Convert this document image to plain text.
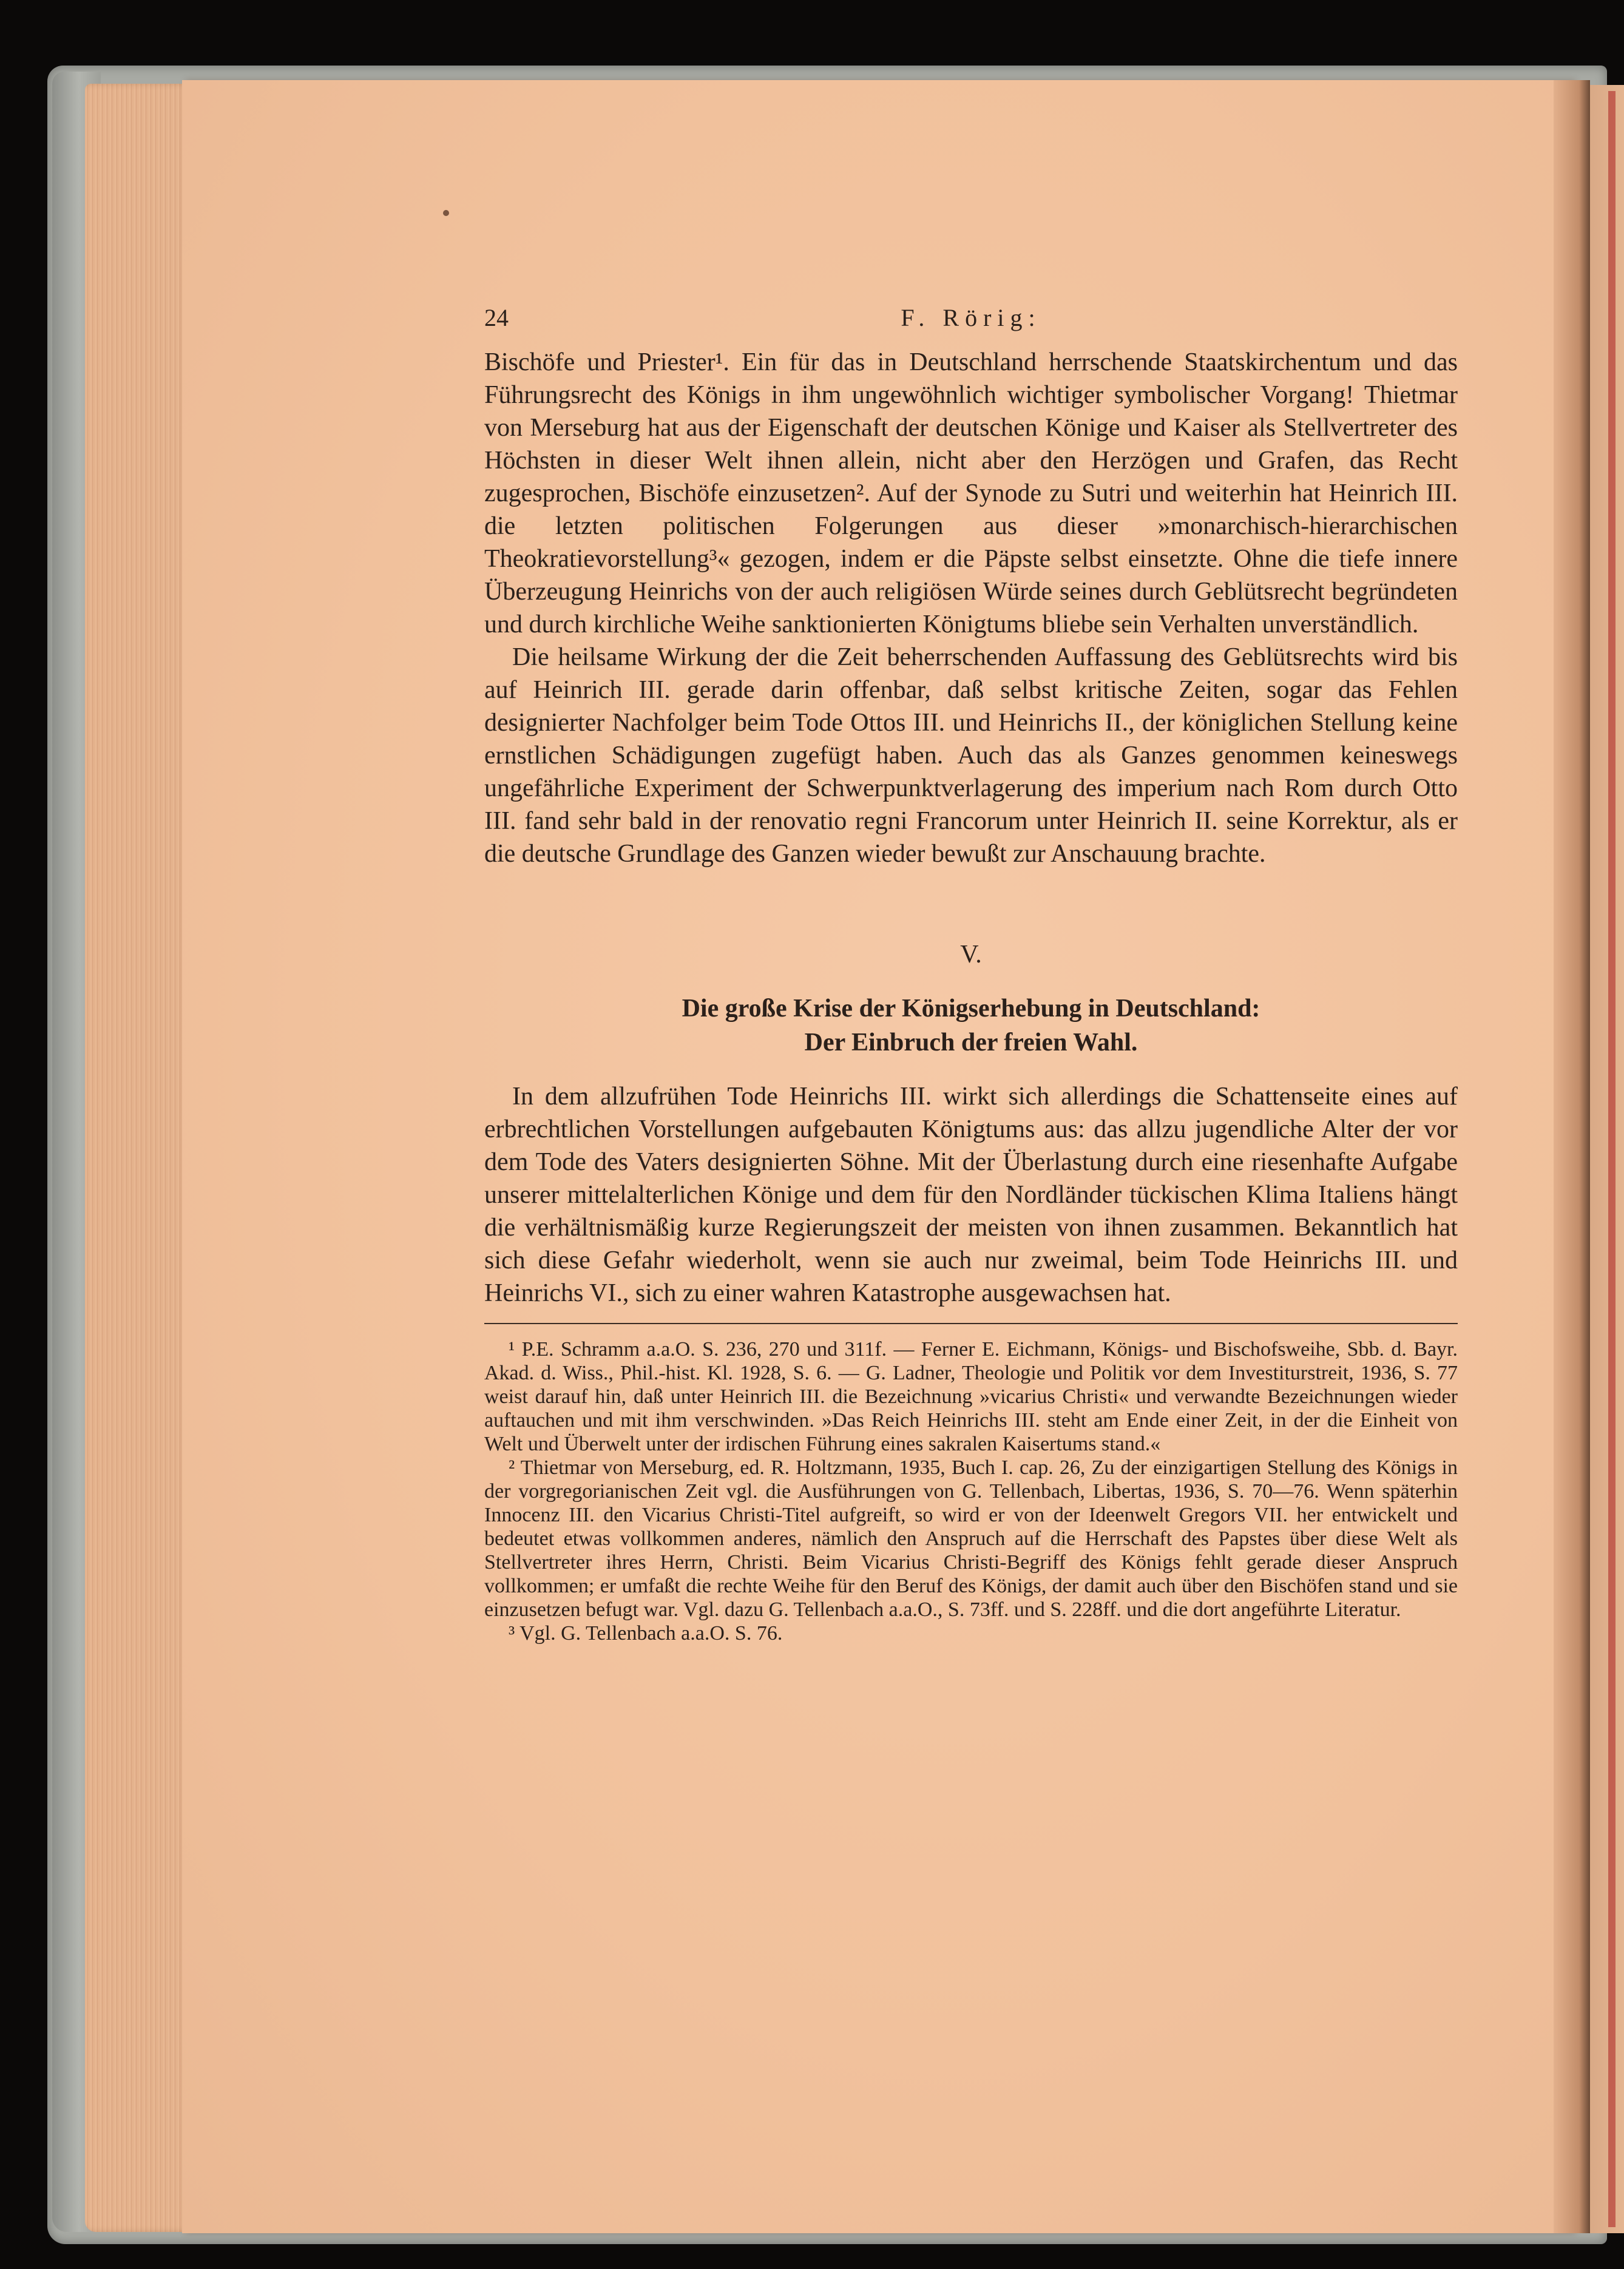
24	F. Rörig:

Bischöfe und Priester¹. Ein für das in Deutschland herrschende Staatskirchentum und das Führungsrecht des Königs in ihm ungewöhnlich wichtiger symbolischer Vorgang! Thietmar von Merseburg hat aus der Eigenschaft der deutschen Könige und Kaiser als Stellvertreter des Höchsten in dieser Welt ihnen allein, nicht aber den Herzögen und Grafen, das Recht zugesprochen, Bischöfe einzusetzen². Auf der Synode zu Sutri und weiterhin hat Heinrich III. die letzten politischen Folgerungen aus dieser »monarchisch-hierarchischen Theokratievorstellung³« gezogen, indem er die Päpste selbst einsetzte. Ohne die tiefe innere Überzeugung Heinrichs von der auch religiösen Würde seines durch Geblütsrecht begründeten und durch kirchliche Weihe sanktionierten Königtums bliebe sein Verhalten unverständlich.

Die heilsame Wirkung der die Zeit beherrschenden Auffassung des Geblütsrechts wird bis auf Heinrich III. gerade darin offenbar, daß selbst kritische Zeiten, sogar das Fehlen designierter Nachfolger beim Tode Ottos III. und Heinrichs II., der königlichen Stellung keine ernstlichen Schädigungen zugefügt haben. Auch das als Ganzes genommen keineswegs ungefährliche Experiment der Schwerpunktverlagerung des imperium nach Rom durch Otto III. fand sehr bald in der renovatio regni Francorum unter Heinrich II. seine Korrektur, als er die deutsche Grundlage des Ganzen wieder bewußt zur Anschauung brachte.

V.
Die große Krise der Königserhebung in Deutschland:
Der Einbruch der freien Wahl.

In dem allzufrühen Tode Heinrichs III. wirkt sich allerdings die Schattenseite eines auf erbrechtlichen Vorstellungen aufgebauten Königtums aus: das allzu jugendliche Alter der vor dem Tode des Vaters designierten Söhne. Mit der Überlastung durch eine riesenhafte Aufgabe unserer mittelalterlichen Könige und dem für den Nordländer tückischen Klima Italiens hängt die verhältnismäßig kurze Regierungszeit der meisten von ihnen zusammen. Bekanntlich hat sich diese Gefahr wiederholt, wenn sie auch nur zweimal, beim Tode Heinrichs III. und Heinrichs VI., sich zu einer wahren Katastrophe ausgewachsen hat.

¹ P.E. Schramm a.a.O. S. 236, 270 und 311f. — Ferner E. Eichmann, Königs- und Bischofsweihe, Sbb. d. Bayr. Akad. d. Wiss., Phil.-hist. Kl. 1928, S. 6. — G. Ladner, Theologie und Politik vor dem Investiturstreit, 1936, S. 77 weist darauf hin, daß unter Heinrich III. die Bezeichnung »vicarius Christi« und verwandte Bezeichnungen wieder auftauchen und mit ihm verschwinden. »Das Reich Heinrichs III. steht am Ende einer Zeit, in der die Einheit von Welt und Überwelt unter der irdischen Führung eines sakralen Kaisertums stand.«

² Thietmar von Merseburg, ed. R. Holtzmann, 1935, Buch I. cap. 26, Zu der einzigartigen Stellung des Königs in der vorgregorianischen Zeit vgl. die Ausführungen von G. Tellenbach, Libertas, 1936, S. 70—76. Wenn späterhin Innocenz III. den Vicarius Christi-Titel aufgreift, so wird er von der Ideenwelt Gregors VII. her entwickelt und bedeutet etwas vollkommen anderes, nämlich den Anspruch auf die Herrschaft des Papstes über diese Welt als Stellvertreter ihres Herrn, Christi. Beim Vicarius Christi-Begriff des Königs fehlt gerade dieser Anspruch vollkommen; er umfaßt die rechte Weihe für den Beruf des Königs, der damit auch über den Bischöfen stand und sie einzusetzen befugt war. Vgl. dazu G. Tellenbach a.a.O., S. 73ff. und S. 228ff. und die dort angeführte Literatur.

³ Vgl. G. Tellenbach a.a.O. S. 76.
